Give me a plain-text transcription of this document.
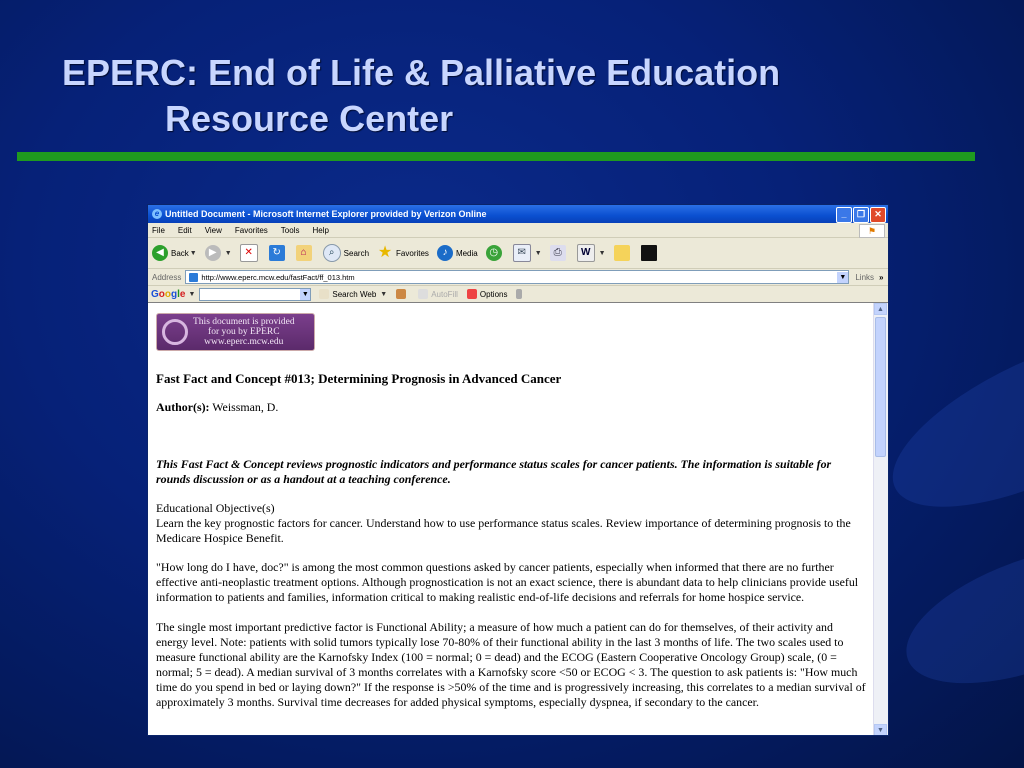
EPERC: End of Life & Palliative Education
Resource Center
e Untitled Document - Microsoft Internet Explorer provided by Verizon Online	_	❐	✕
File Edit View Favorites Tools Help	⚑
◀ Back ▼	▶	▼	✕	↻	⌂	⌕	Search ★ Favorites	♪	Media	◷	✉	▼	⎙	W	▼
Address	http://www.eperc.mcw.edu/fastFact/ff_013.htm	▼ Links »
Google ▼	▼	Search Web ▼	AutoFill	Options
This document is provided
for you by EPERC
www.eperc.mcw.edu
Fast Fact and Concept #013; Determining Prognosis in Advanced Cancer
Author(s): Weissman, D.
This Fast Fact & Concept reviews prognostic indicators and performance status scales for cancer patients. The information is suitable for rounds discussion or as a handout at a teaching conference.
Educational Objective(s)
Learn the key prognostic factors for cancer. Understand how to use performance status scales. Review importance of determining prognosis to the Medicare Hospice Benefit.
"How long do I have, doc?" is among the most common questions asked by cancer patients, especially when informed that there are no further effective anti-neoplastic treatment options. Although prognostication is not an exact science, there is abundant data to help clinicians provide useful information to patients and families, information critical to making realistic end-of-life decisions and referrals for home hospice service.
The single most important predictive factor is Functional Ability; a measure of how much a patient can do for themselves, of their activity and energy level. Note: patients with solid tumors typically lose 70-80% of their functional ability in the last 3 months of life. The two scales used to measure functional ability are the Karnofsky Index (100 = normal; 0 = dead) and the ECOG (Eastern Cooperative Oncology Group) scale, (0 = normal; 5 = dead). A median survival of 3 months correlates with a Karnofsky score <50 or ECOG < 3. The question to ask patients is: "How much time do you spend in bed or laying down?" If the response is >50% of the time and is progressively increasing, this correlates to a median survival of approximately 3 months. Survival time decreases for added physical symptoms, especially dyspnea, if secondary to the cancer.
▲
▼
